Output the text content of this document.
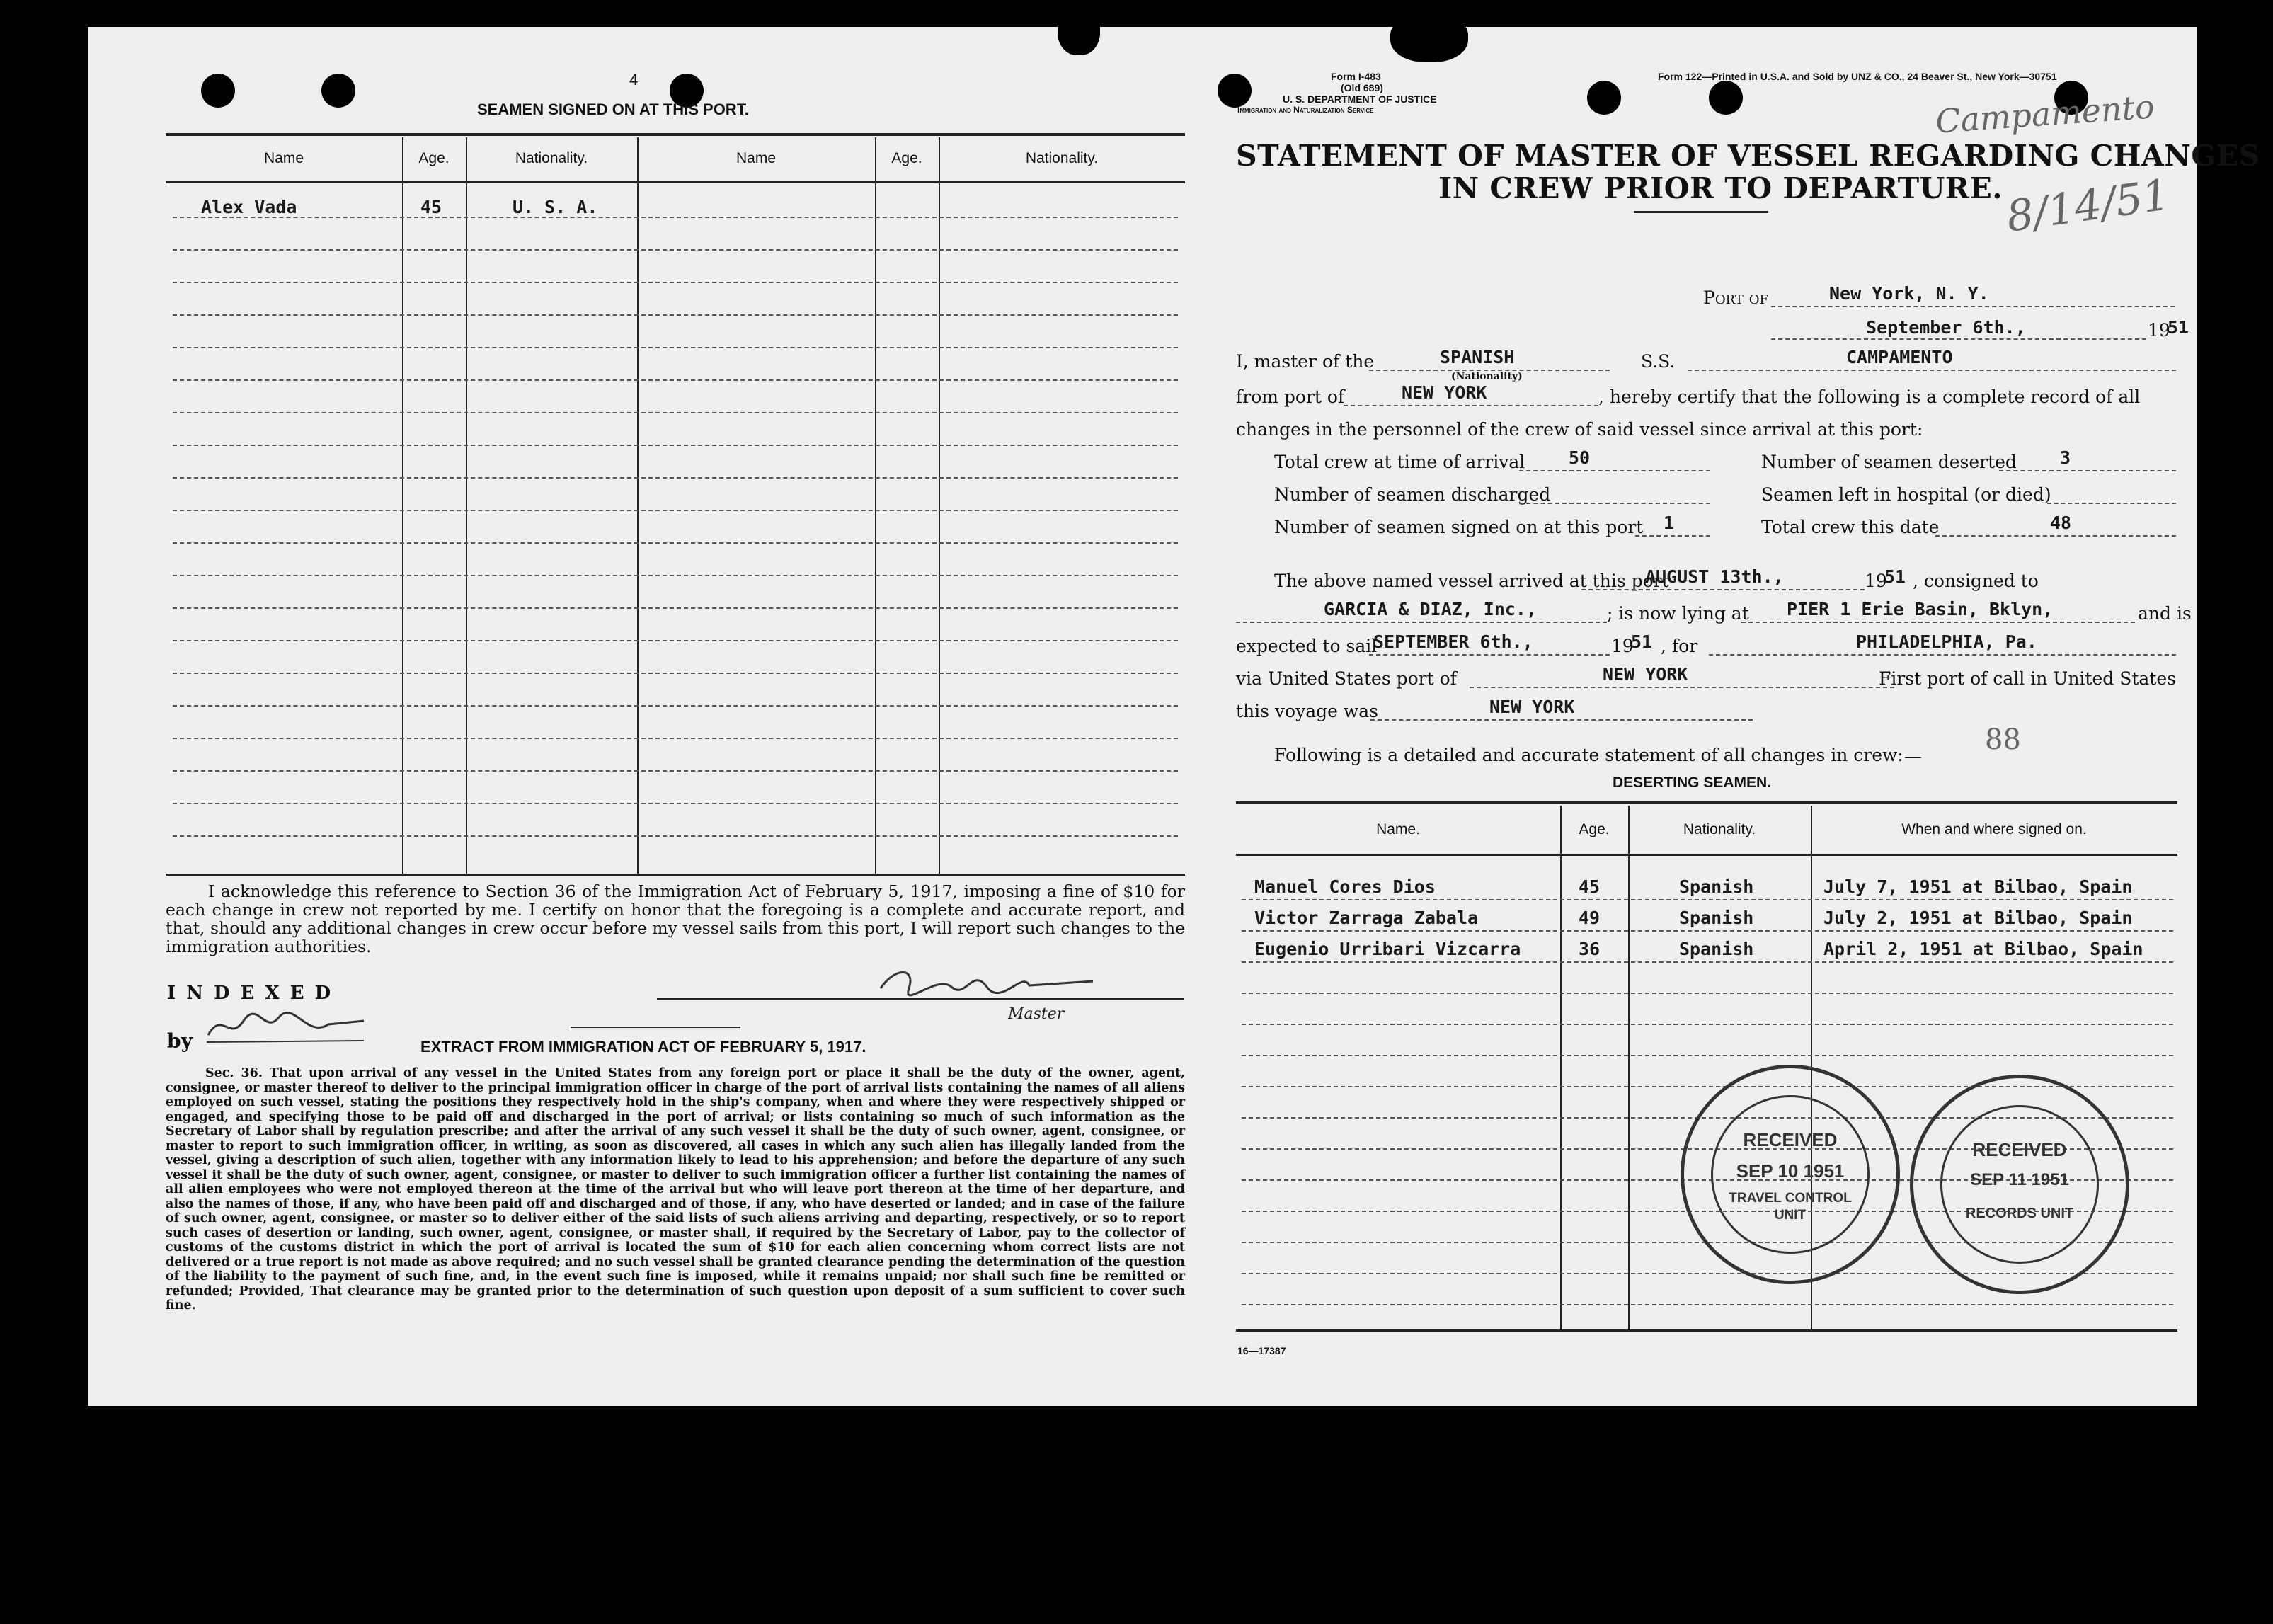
4
SEAMEN SIGNED ON AT THIS PORT.
Name	Age.	Nationality.	Name	Age.	Nationality.
Alex Vada	45	U. S. A.
I acknowledge this reference to Section 36 of the Immigration Act of February 5, 1917, imposing a fine of $10 for each change in crew not reported by me. I certify on honor that the foregoing is a complete and accurate report, and that, should any additional changes in crew occur before my vessel sails from this port, I will report such changes to the immigration authorities.
I N D E X E D
by
Master
EXTRACT FROM IMMIGRATION ACT OF FEBRUARY 5, 1917.
Sec. 36. That upon arrival of any vessel in the United States from any foreign port or place it shall be the duty of the owner, agent, consignee, or master thereof to deliver to the principal immigration officer in charge of the port of arrival lists containing the names of all aliens employed on such vessel, stating the positions they respectively hold in the ship's company, when and where they were respectively shipped or engaged, and specifying those to be paid off and discharged in the port of arrival; or lists containing so much of such information as the Secretary of Labor shall by regulation prescribe; and after the arrival of any such vessel it shall be the duty of such owner, agent, consignee, or master to report to such immigration officer, in writing, as soon as discovered, all cases in which any such alien has illegally landed from the vessel, giving a description of such alien, together with any information likely to lead to his apprehension; and before the departure of any such vessel it shall be the duty of such owner, agent, consignee, or master to deliver to such immigration officer a further list containing the names of all alien employees who were not employed thereon at the time of the arrival but who will leave port thereon at the time of her departure, and also the names of those, if any, who have been paid off and discharged and of those, if any, who have deserted or landed; and in case of the failure of such owner, agent, consignee, or master so to deliver either of the said lists of such aliens arriving and departing, respectively, or so to report such cases of desertion or landing, such owner, agent, consignee, or master shall, if required by the Secretary of Labor, pay to the collector of customs of the customs district in which the port of arrival is located the sum of $10 for each alien concerning whom correct lists are not delivered or a true report is not made as above required; and no such vessel shall be granted clearance pending the determination of the question of the liability to the payment of such fine, and, in the event such fine is imposed, while it remains unpaid; nor shall such fine be remitted or refunded; Provided, That clearance may be granted prior to the determination of such question upon deposit of a sum sufficient to cover such fine.
Form I-483
(Old 689)
U. S. DEPARTMENT OF JUSTICE
Immigration and Naturalization Service
Form 122—Printed in U.S.A. and Sold by UNZ & CO., 24 Beaver St., New York—30751
Campamento
8/14/51
STATEMENT OF MASTER OF VESSEL REGARDING CHANGES
IN CREW PRIOR TO DEPARTURE.
Port of	New York, N. Y.
September 6th.,	19
51
I, master of the	SPANISH
(Nationality)
S.S.	CAMPAMENTO
from port of	NEW YORK	, hereby certify that the following is a complete record of all
changes in the personnel of the crew of said vessel since arrival at this port:
Total crew at time of arrival 50	Number of seamen deserted 3
Number of seamen discharged	Seamen left in hospital (or died)
Number of seamen signed on at this port 1	Total crew this date	48
The above named vessel arrived at this port
AUGUST 13th.,	19
51 , consigned to
GARCIA & DIAZ, Inc.,	; is now lying at PIER 1 Erie Basin, Bklyn,	and is
expected to sail
SEPTEMBER 6th.,	19
51 , for	PHILADELPHIA, Pa.
via United States port of	NEW YORK	First port of call in United States
this voyage was	NEW YORK
Following is a detailed and accurate statement of all changes in crew: —
88
DESERTING SEAMEN.
Name.	Age.	Nationality.	When and where signed on.
Manuel Cores Dios	45	Spanish	July 7, 1951 at Bilbao, Spain
Victor Zarraga Zabala	49	Spanish	July 2, 1951 at Bilbao, Spain
Eugenio Urribari Vizcarra	36	Spanish	April 2, 1951 at Bilbao, Spain
RECEIVED
SEP 10 1951
TRAVEL CONTROL UNIT
RECEIVED
SEP 11 1951
RECORDS UNIT
16—17387
